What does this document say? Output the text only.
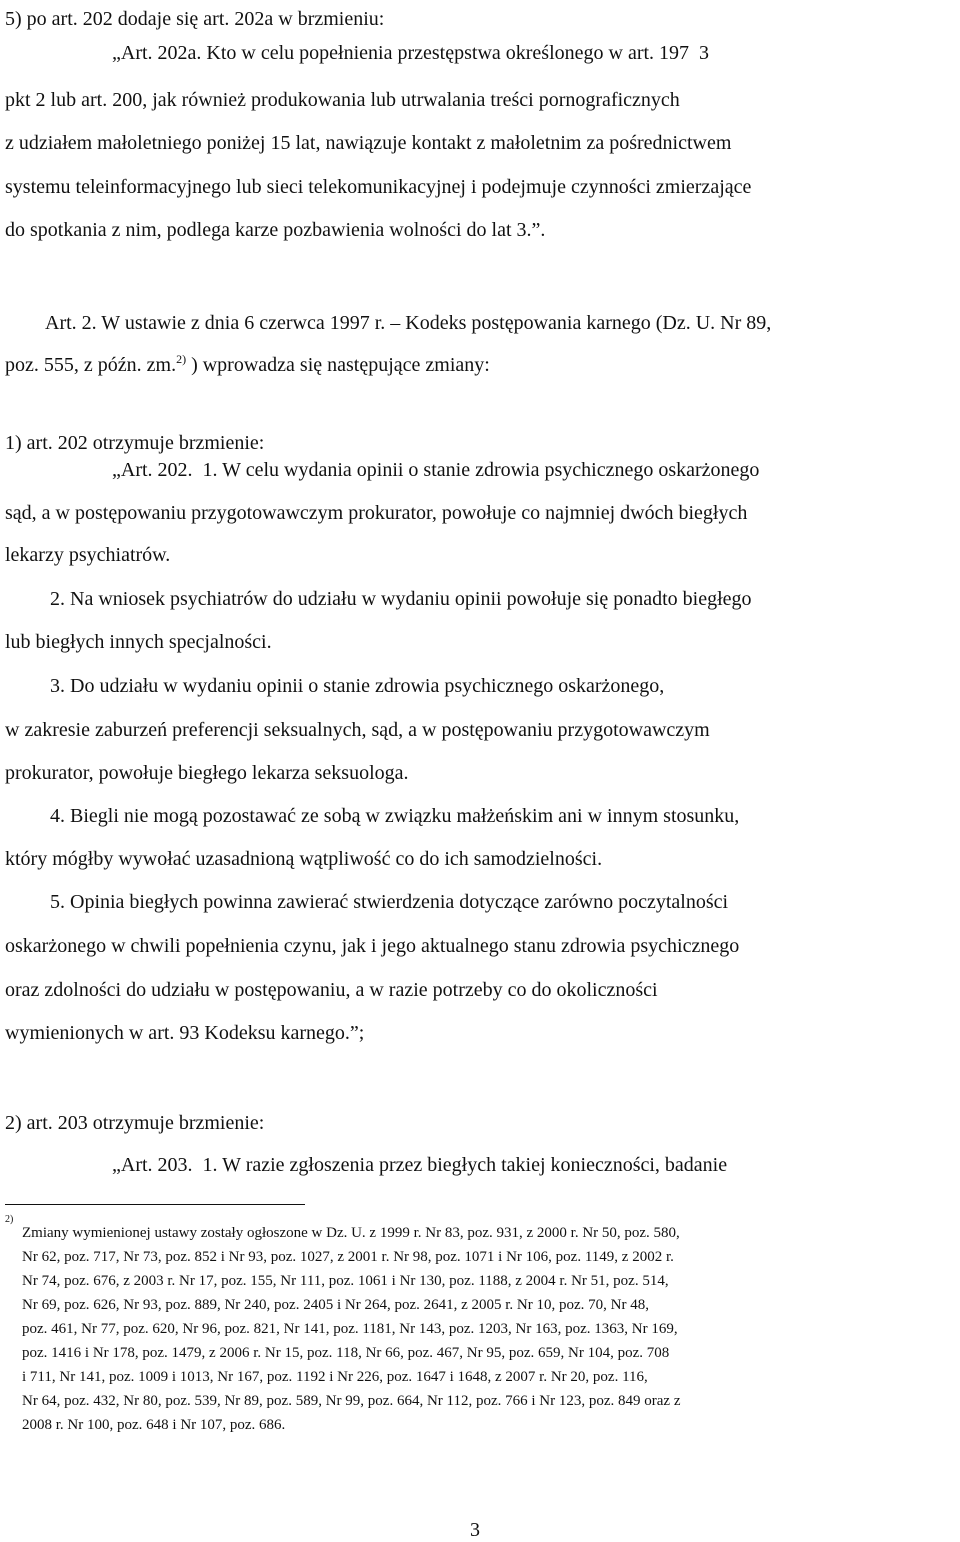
5) po art. 202 dodaje się art. 202a w brzmieniu:
„Art. 202a. Kto w celu popełnienia przestępstwa określonego w art. 197 ​ 3
pkt 2 lub art. 200, jak również produkowania lub utrwalania treści pornograficznych
z udziałem małoletniego poniżej 15 lat, nawiązuje kontakt z małoletnim za pośrednictwem
systemu teleinformacyjnego lub sieci telekomunikacyjnej i podejmuje czynności zmierzające
do spotkania z nim, podlega karze pozbawienia wolności do lat 3.”.
Art. 2. W ustawie z dnia 6 czerwca 1997 r. – Kodeks postępowania karnego (Dz. U. Nr 89,
poz. 555, z późn. zm.$^{2)}$ ) wprowadza się następujące zmiany:
1) art. 202 otrzymuje brzmienie:
„Art. 202. ​ 1. W celu wydania opinii o stanie zdrowia psychicznego oskarżonego
sąd, a w postępowaniu przygotowawczym prokurator, powołuje co najmniej dwóch biegłych
lekarzy psychiatrów.
​ 2. Na wniosek psychiatrów do udziału w wydaniu opinii powołuje się ponadto biegłego
lub biegłych innych specjalności.
​ 3. Do udziału w wydaniu opinii o stanie zdrowia psychicznego oskarżonego,
w zakresie zaburzeń preferencji seksualnych, sąd, a w postępowaniu przygotowawczym
prokurator, powołuje biegłego lekarza seksuologa.
​ 4. Biegli nie mogą pozostawać ze sobą w związku małżeńskim ani w innym stosunku,
który mógłby wywołać uzasadnioną wątpliwość co do ich samodzielności.
​ 5. Opinia biegłych powinna zawierać stwierdzenia dotyczące zarówno poczytalności
oskarżonego w chwili popełnienia czynu, jak i jego aktualnego stanu zdrowia psychicznego
oraz zdolności do udziału w postępowaniu, a w razie potrzeby co do okoliczności
wymienionych w art. 93 Kodeksu karnego.”;
2) art. 203 otrzymuje brzmienie:
„Art. 203. ​ 1. W razie zgłoszenia przez biegłych takiej konieczności, badanie
2)
Zmiany wymienionej ustawy zostały ogłoszone w Dz. U. z 1999 r. Nr 83, poz. 931, z 2000 r. Nr 50, poz. 580,
Nr 62, poz. 717, Nr 73, poz. 852 i Nr 93, poz. 1027, z 2001 r. Nr 98, poz. 1071 i Nr 106, poz. 1149, z 2002 r.
Nr 74, poz. 676, z 2003 r. Nr 17, poz. 155, Nr 111, poz. 1061 i Nr 130, poz. 1188, z 2004 r. Nr 51, poz. 514,
Nr 69, poz. 626, Nr 93, poz. 889, Nr 240, poz. 2405 i Nr 264, poz. 2641, z 2005 r. Nr 10, poz. 70, Nr 48,
poz. 461, Nr 77, poz. 620, Nr 96, poz. 821, Nr 141, poz. 1181, Nr 143, poz. 1203, Nr 163, poz. 1363, Nr 169,
poz. 1416 i Nr 178, poz. 1479, z 2006 r. Nr 15, poz. 118, Nr 66, poz. 467, Nr 95, poz. 659, Nr 104, poz. 708
i 711, Nr 141, poz. 1009 i 1013, Nr 167, poz. 1192 i Nr 226, poz. 1647 i 1648, z 2007 r. Nr 20, poz. 116,
Nr 64, poz. 432, Nr 80, poz. 539, Nr 89, poz. 589, Nr 99, poz. 664, Nr 112, poz. 766 i Nr 123, poz. 849 oraz z
2008 r. Nr 100, poz. 648 i Nr 107, poz. 686.
3
